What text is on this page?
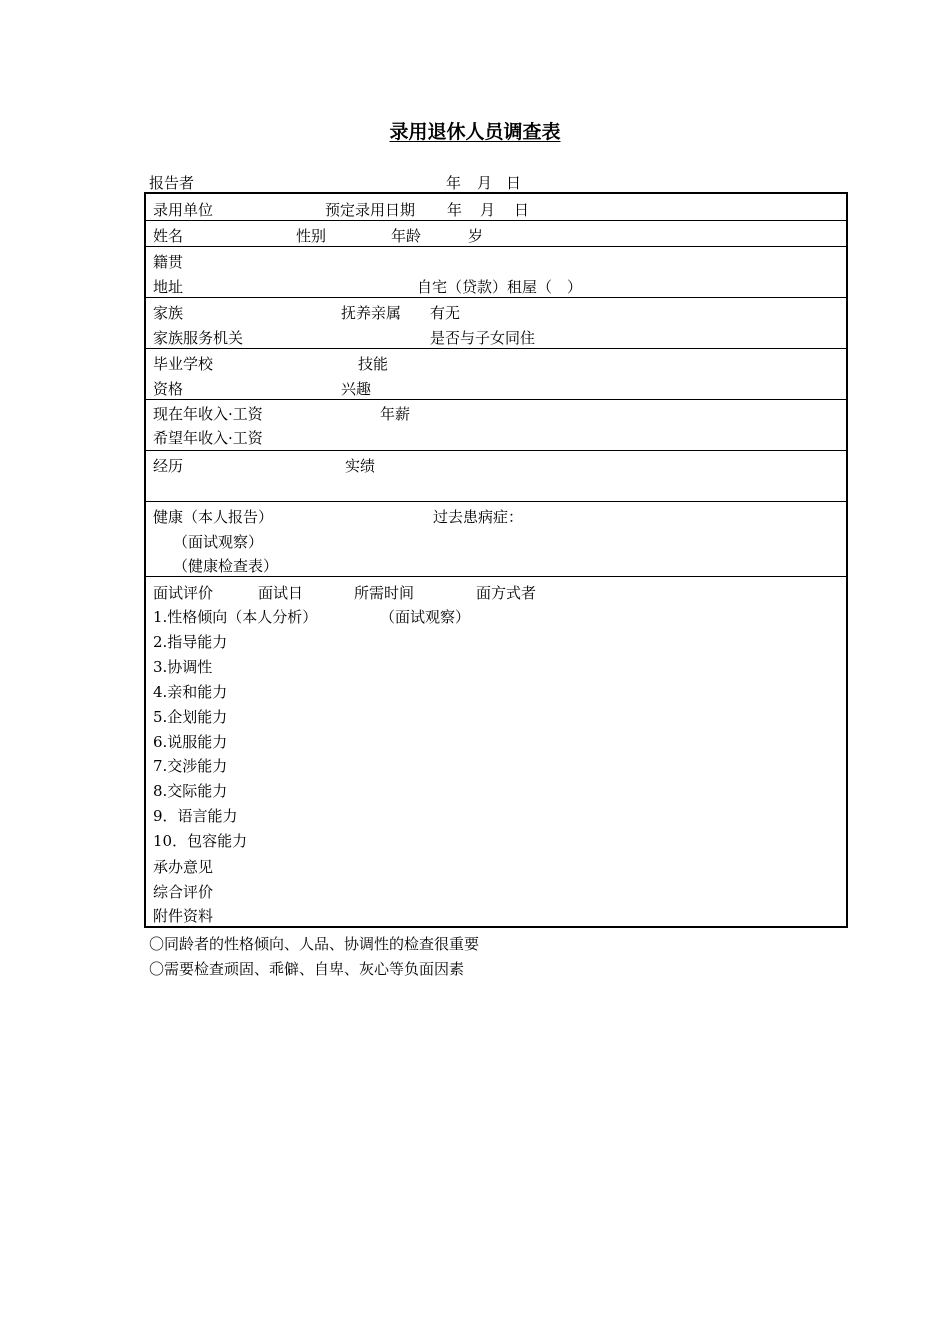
录用退休人员调查表
报告者	年 月 日
录用单位	预定录用日期 年 月 日
姓名	性别	年龄	岁
籍贯
地址	自宅（贷款）租屋（　）
家族	抚养亲属 有无
家族服务机关	是否与子女同住
毕业学校	技能
资格	兴趣
现在年收入·工资	年薪
希望年收入·工资
经历	实绩
健康（本人报告）	过去患病症：
（面试观察）
（健康检查表）
面试评价	面试日	所需时间	面方式者
1.性格倾向（本人分析）	（面试观察）
2.指导能力
3.协调性
4.亲和能力
5.企划能力
6.说服能力
7.交涉能力
8.交际能力
9．语言能力
10．包容能力
承办意见
综合评价
附件资料
〇同龄者的性格倾向、人品、协调性的检查很重要
〇需要检查顽固、乖僻、自卑、灰心等负面因素
